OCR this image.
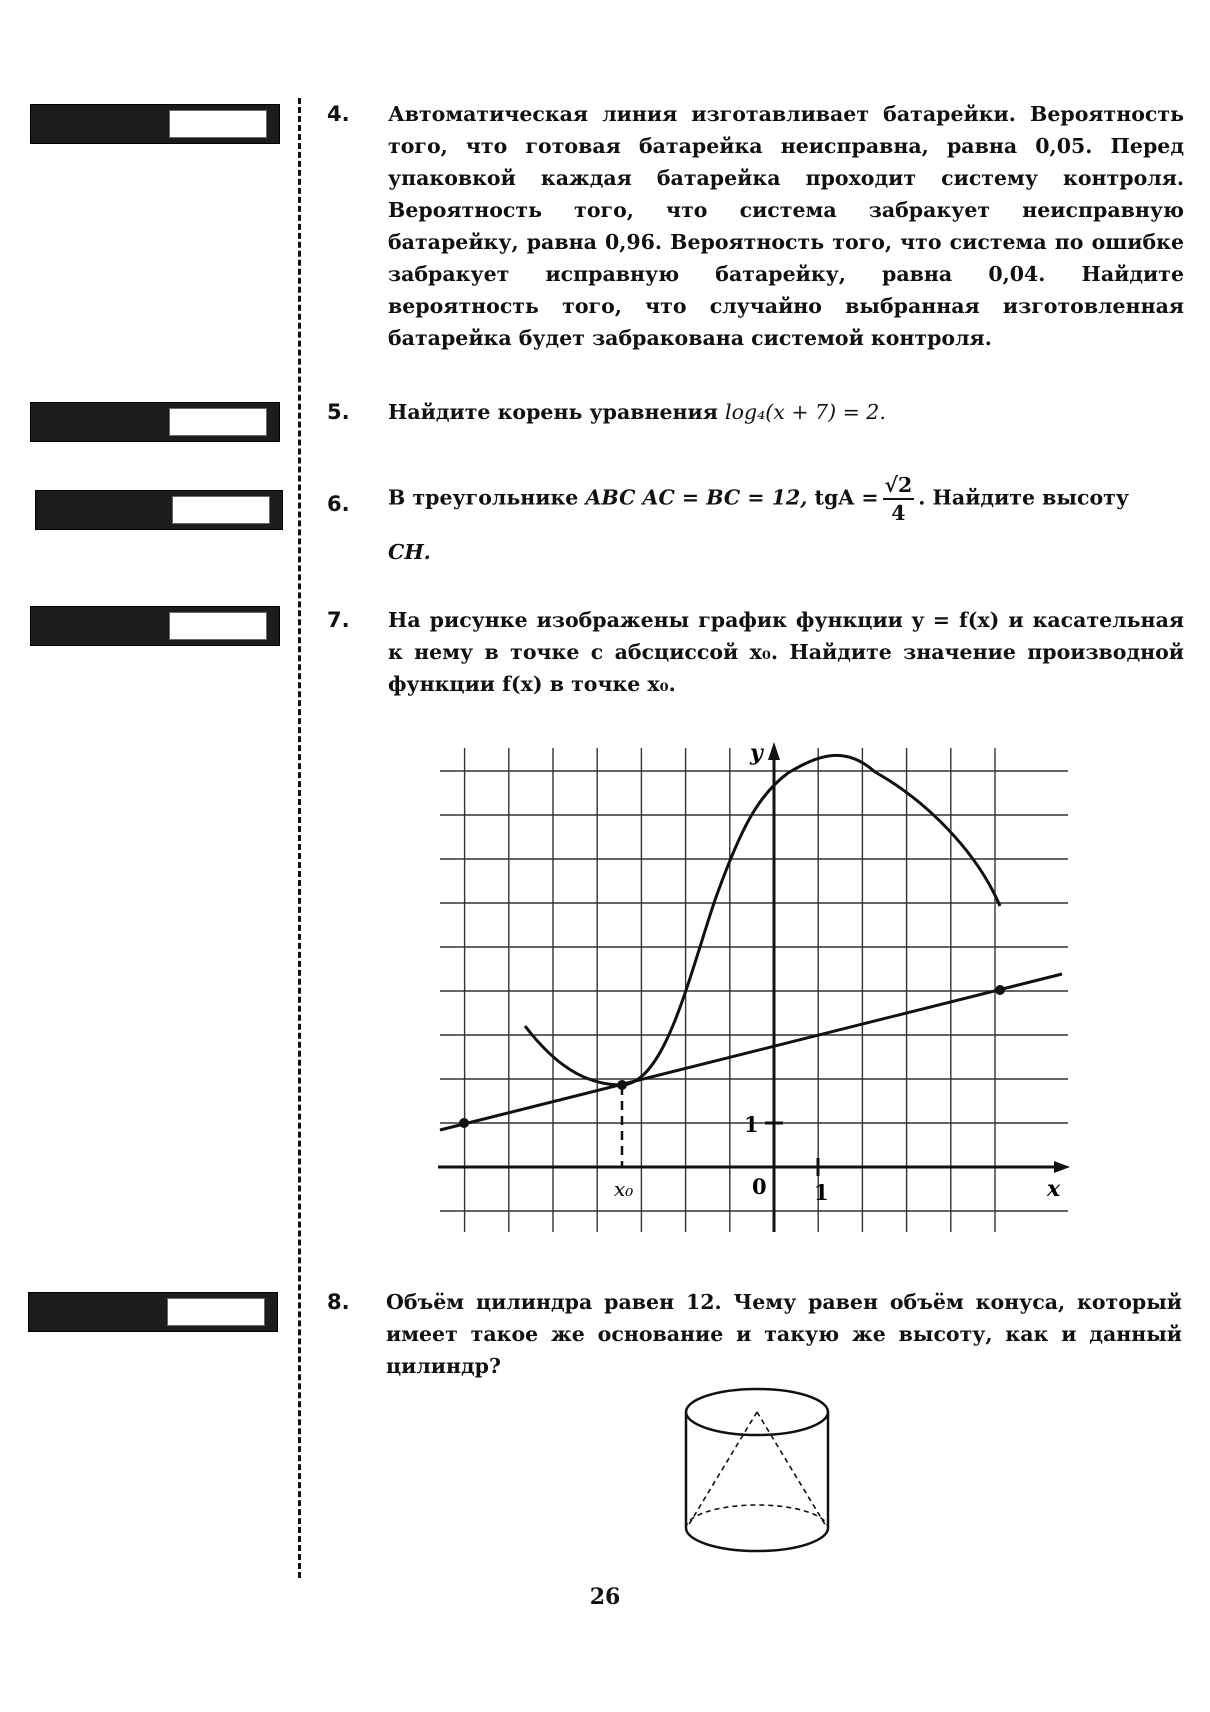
4. Автоматическая линия изготавливает батарейки. Вероятность того, что готовая батарейка неисправна, равна 0,05. Перед упаковкой каждая батарейка проходит систему контроля. Вероятность того, что система забракует неисправную батарейку, равна 0,96. Вероятность того, что система по ошибке забракует исправную батарейку, равна 0,04. Найдите вероятность того, что случайно выбранная изготовленная батарейка будет забракована системой контроля.
5. Найдите корень уравнения log₄(x + 7) = 2.
6. В треугольнике ABC AC = BC = 12, tgA = $\frac{√2}{4}$ . Найдите высоту
CH.
7. На рисунке изображены график функции y = f(x) и касательная к нему в точке с абсциссой x₀. Найдите значение производной функции f(x) в точке x₀.
y
x
x₀	0 1
1
8. Объём цилиндра равен 12. Чему равен объём конуса, который имеет такое же основание и такую же высоту, как и данный цилиндр?
26
